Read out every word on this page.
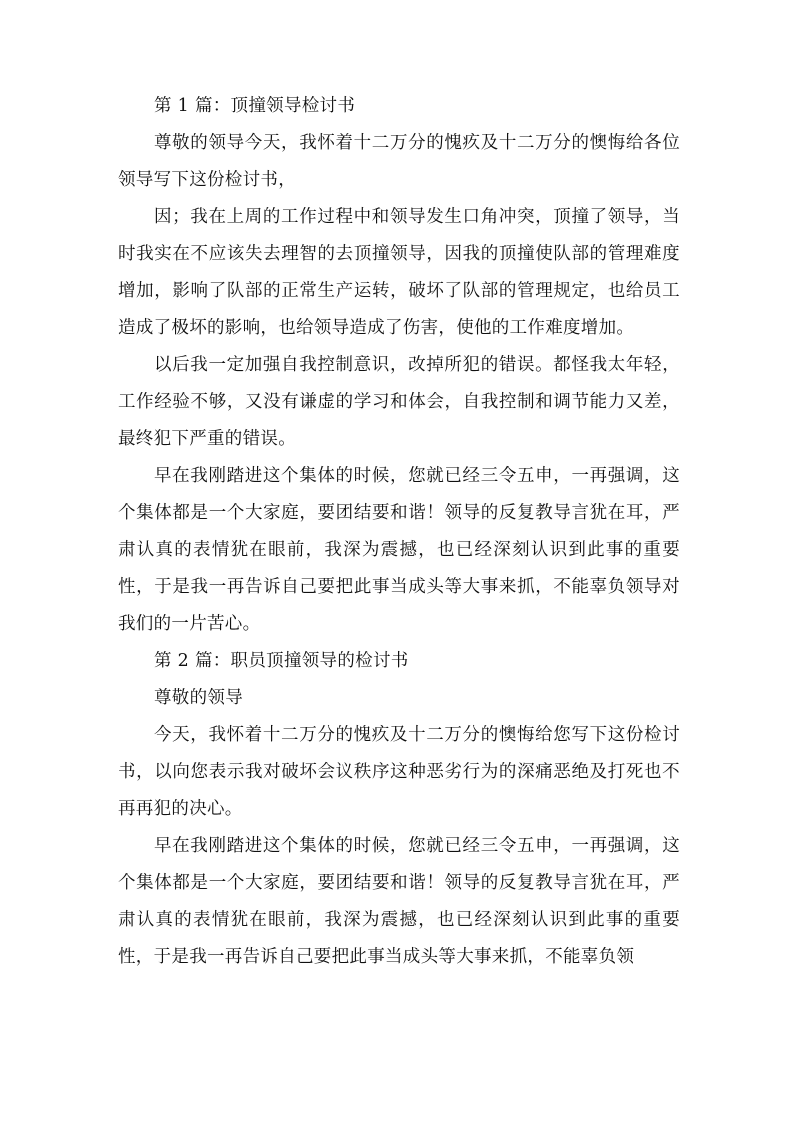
第 1 篇：顶撞领导检讨书

尊敬的领导今天，我怀着十二万分的愧疚及十二万分的懊悔给各位领导写下这份检讨书，

因；我在上周的工作过程中和领导发生口角冲突，顶撞了领导，当时我实在不应该失去理智的去顶撞领导，因我的顶撞使队部的管理难度增加，影响了队部的正常生产运转，破坏了队部的管理规定，也给员工造成了极坏的影响，也给领导造成了伤害，使他的工作难度增加。

以后我一定加强自我控制意识，改掉所犯的错误。都怪我太年轻，工作经验不够，又没有谦虚的学习和体会，自我控制和调节能力又差，最终犯下严重的错误。

早在我刚踏进这个集体的时候，您就已经三令五申，一再强调，这个集体都是一个大家庭，要团结要和谐！领导的反复教导言犹在耳，严肃认真的表情犹在眼前，我深为震撼，也已经深刻认识到此事的重要性，于是我一再告诉自己要把此事当成头等大事来抓，不能辜负领导对我们的一片苦心。

第 2 篇：职员顶撞领导的检讨书

尊敬的领导

今天，我怀着十二万分的愧疚及十二万分的懊悔给您写下这份检讨书，以向您表示我对破坏会议秩序这种恶劣行为的深痛恶绝及打死也不再再犯的决心。

早在我刚踏进这个集体的时候，您就已经三令五申，一再强调，这个集体都是一个大家庭，要团结要和谐！领导的反复教导言犹在耳，严肃认真的表情犹在眼前，我深为震撼，也已经深刻认识到此事的重要性，于是我一再告诉自己要把此事当成头等大事来抓，不能辜负领
